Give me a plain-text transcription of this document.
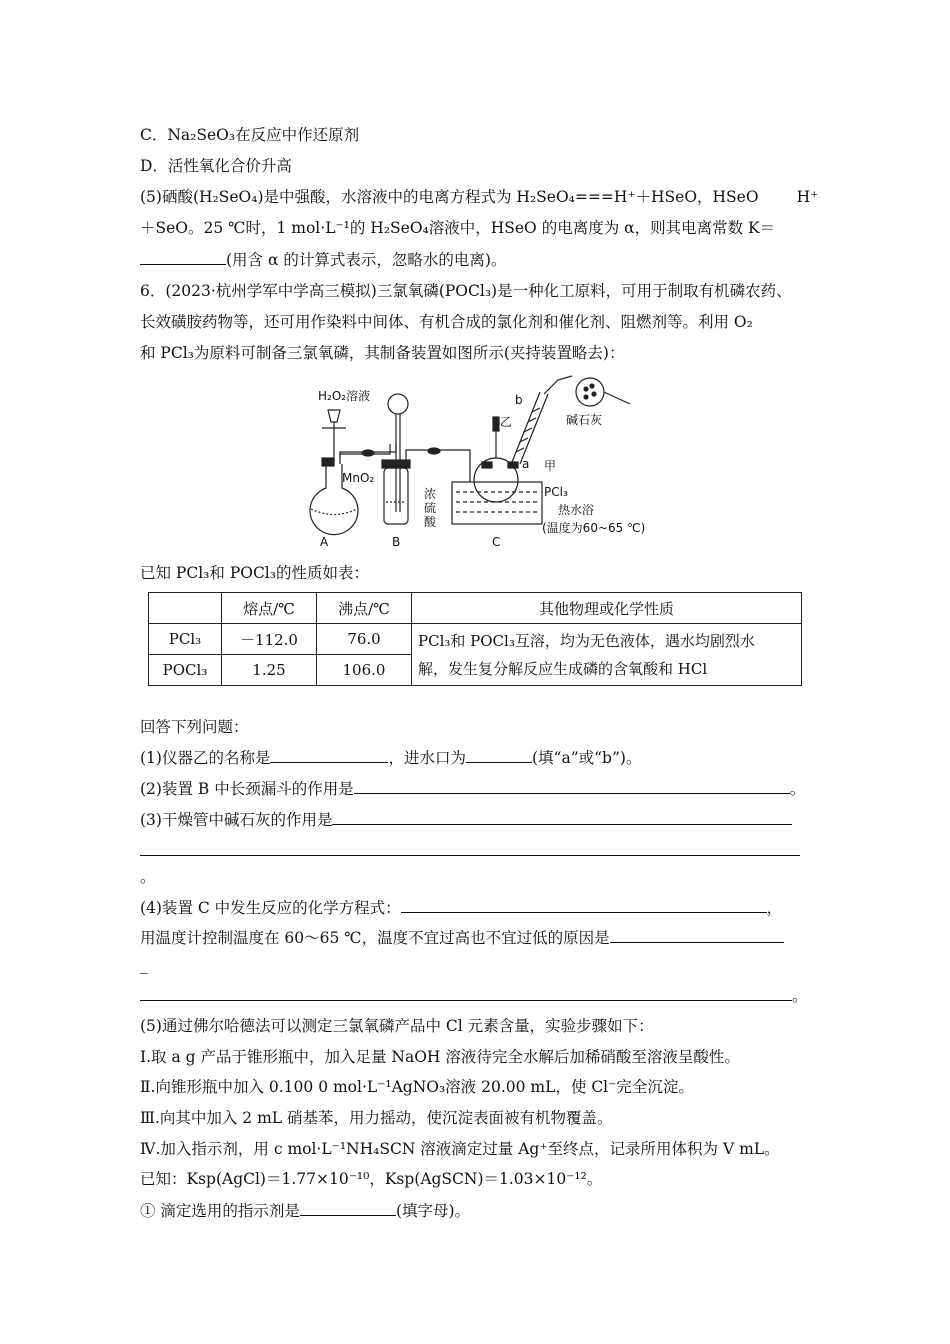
C．Na₂SeO₃在反应中作还原剂
D．活性氧化合价升高
(5)硒酸(H₂SeO₄)是中强酸，水溶液中的电离方程式为 H₂SeO₄===H⁺＋HSeO，HSeO H⁺
＋SeO。25 ℃时，1 mol·L⁻¹的 H₂SeO₄溶液中，HSeO 的电离度为 α，则其电离常数 K＝
(用含 α 的计算式表示，忽略水的电离)。
6．(2023·杭州学军中学高三模拟)三氯氧磷(POCl₃)是一种化工原料，可用于制取有机磷农药、
长效磺胺药物等，还可用作染料中间体、有机合成的氯化剂和催化剂、阻燃剂等。利用 O₂
和 PCl₃为原料可制备三氯氧磷，其制备装置如图所示(夹持装置略去)：
H₂O₂溶液
MnO₂
浓
硫
酸
b
乙
a 甲
PCl₃
碱石灰
热水浴
(温度为60~65 ℃)
A	B	C
已知 PCl₃和 POCl₃的性质如表：
	熔点/℃	沸点/℃	其他物理或化学性质
PCl₃	－112.0	76.0	PCl₃和 POCl₃互溶，均为无色液体，遇水均剧烈水
解，发生复分解反应生成磷的含氧酸和 HCl

POCl₃	1.25	106.0	
回答下列问题：
(1)仪器乙的名称是	，进水口为	(填“a”或“b”)。
(2)装置 B 中长颈漏斗的作用是	。
(3)干燥管中碱石灰的作用是
。
(4)装置 C 中发生反应的化学方程式：	，
用温度计控制温度在 60～65 ℃，温度不宜过高也不宜过低的原因是
_
。
(5)通过佛尔哈德法可以测定三氯氧磷产品中 Cl 元素含量，实验步骤如下：
Ⅰ.取 a g 产品于锥形瓶中，加入足量 NaOH 溶液待完全水解后加稀硝酸至溶液呈酸性。
Ⅱ.向锥形瓶中加入 0.100 0 mol·L⁻¹AgNO₃溶液 20.00 mL，使 Cl⁻完全沉淀。
Ⅲ.向其中加入 2 mL 硝基苯，用力摇动，使沉淀表面被有机物覆盖。
Ⅳ.加入指示剂，用 c mol·L⁻¹NH₄SCN 溶液滴定过量 Ag⁺至终点，记录所用体积为 V mL。
已知：Ksp(AgCl)＝1.77×10⁻¹⁰，Ksp(AgSCN)＝1.03×10⁻¹²。
① 滴定选用的指示剂是	(填字母)。
